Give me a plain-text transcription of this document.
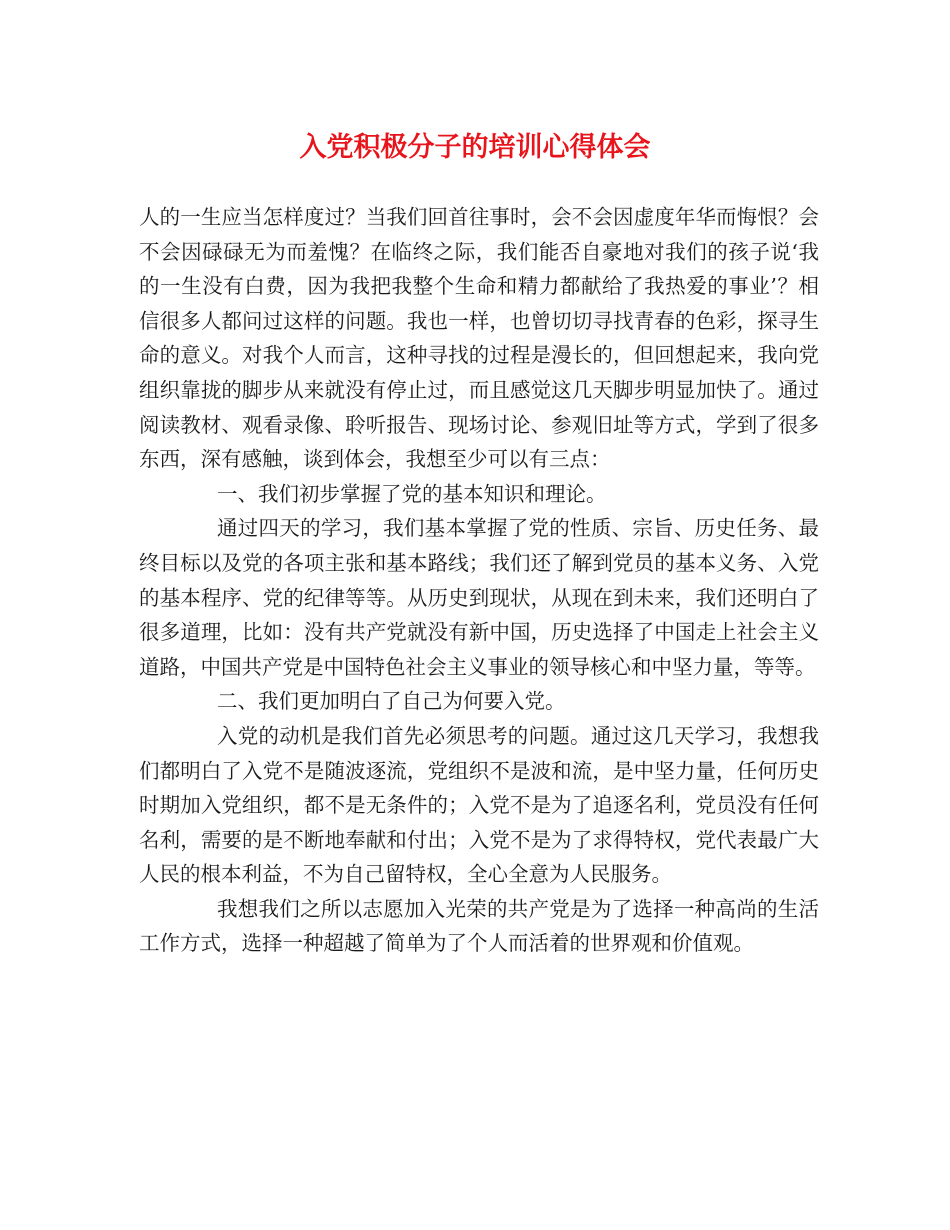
入党积极分子的培训心得体会

人的一生应当怎样度过？当我们回首往事时，会不会因虚度年华而悔恨？会不会因碌碌无为而羞愧？在临终之际，我们能否自豪地对我们的孩子说‘我的一生没有白费，因为我把我整个生命和精力都献给了我热爱的事业’？相信很多人都问过这样的问题。我也一样，也曾切切寻找青春的色彩，探寻生命的意义。对我个人而言，这种寻找的过程是漫长的，但回想起来，我向党组织靠拢的脚步从来就没有停止过，而且感觉这几天脚步明显加快了。通过阅读教材、观看录像、聆听报告、现场讨论、参观旧址等方式，学到了很多东西，深有感触，谈到体会，我想至少可以有三点：

一、我们初步掌握了党的基本知识和理论。

通过四天的学习，我们基本掌握了党的性质、宗旨、历史任务、最终目标以及党的各项主张和基本路线；我们还了解到党员的基本义务、入党的基本程序、党的纪律等等。从历史到现状，从现在到未来，我们还明白了很多道理，比如：没有共产党就没有新中国，历史选择了中国走上社会主义道路，中国共产党是中国特色社会主义事业的领导核心和中坚力量，等等。

二、我们更加明白了自己为何要入党。

入党的动机是我们首先必须思考的问题。通过这几天学习，我想我们都明白了入党不是随波逐流，党组织不是波和流，是中坚力量，任何历史时期加入党组织，都不是无条件的；入党不是为了追逐名利，党员没有任何名利，需要的是不断地奉献和付出；入党不是为了求得特权，党代表最广大人民的根本利益，不为自己留特权，全心全意为人民服务。

我想我们之所以志愿加入光荣的共产党是为了选择一种高尚的生活工作方式，选择一种超越了简单为了个人而活着的世界观和价值观。
